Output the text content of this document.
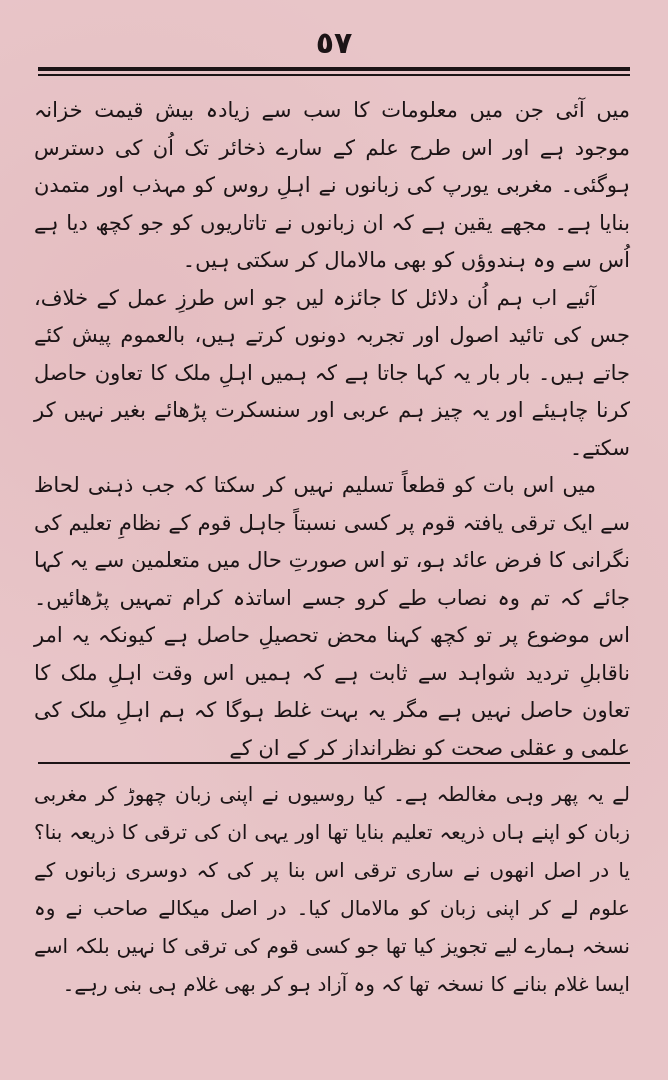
٥٧

میں آئی جن میں معلومات کا سب سے زیادہ بیش قیمت خزانہ موجود ہے اور اس طرح علم کے سارے ذخائر تک اُن کی دسترس ہوگئی۔ مغربی یورپ کی زبانوں نے اہلِ روس کو مہذب اور متمدن بنایا ہے۔ مجھے یقین ہے کہ ان زبانوں نے تاتاریوں کو جو کچھ دیا ہے اُس سے وہ ہندوؤں کو بھی مالامال کر سکتی ہیں۔

آئیے اب ہم اُن دلائل کا جائزہ لیں جو اس طرزِ عمل کے خلاف، جس کی تائید اصول اور تجربہ دونوں کرتے ہیں، بالعموم پیش کئے جاتے ہیں۔ بار بار یہ کہا جاتا ہے کہ ہمیں اہلِ ملک کا تعاون حاصل کرنا چاہیئے اور یہ چیز ہم عربی اور سنسکرت پڑھائے بغیر نہیں کر سکتے۔

میں اس بات کو قطعاً تسلیم نہیں کر سکتا کہ جب ذہنی لحاظ سے ایک ترقی یافتہ قوم پر کسی نسبتاً جاہل قوم کے نظامِ تعلیم کی نگرانی کا فرض عائد ہو، تو اس صورتِ حال میں متعلمین سے یہ کہا جائے کہ تم وہ نصاب طے کرو جسے اساتذہ کرام تمہیں پڑھائیں۔ اس موضوع پر تو کچھ کہنا محض تحصیلِ حاصل ہے کیونکہ یہ امر ناقابلِ تردید شواہد سے ثابت ہے کہ ہمیں اس وقت اہلِ ملک کا تعاون حاصل نہیں ہے مگر یہ بہت غلط ہوگا کہ ہم اہلِ ملک کی علمی و عقلی صحت کو نظرانداز کر کے ان کے

لے یہ پھر وہی مغالطہ ہے۔ کیا روسیوں نے اپنی زبان چھوڑ کر مغربی زبان کو اپنے ہاں ذریعہ تعلیم بنایا تھا اور یہی ان کی ترقی کا ذریعہ بنا؟ یا در اصل انھوں نے ساری ترقی اس بنا پر کی کہ دوسری زبانوں کے علوم لے کر اپنی زبان کو مالامال کیا۔ در اصل میکالے صاحب نے وہ نسخہ ہمارے لیے تجویز کیا تھا جو کسی قوم کی ترقی کا نہیں بلکہ اسے ایسا غلام بنانے کا نسخہ تھا کہ وہ آزاد ہو کر بھی غلام ہی بنی رہے۔
